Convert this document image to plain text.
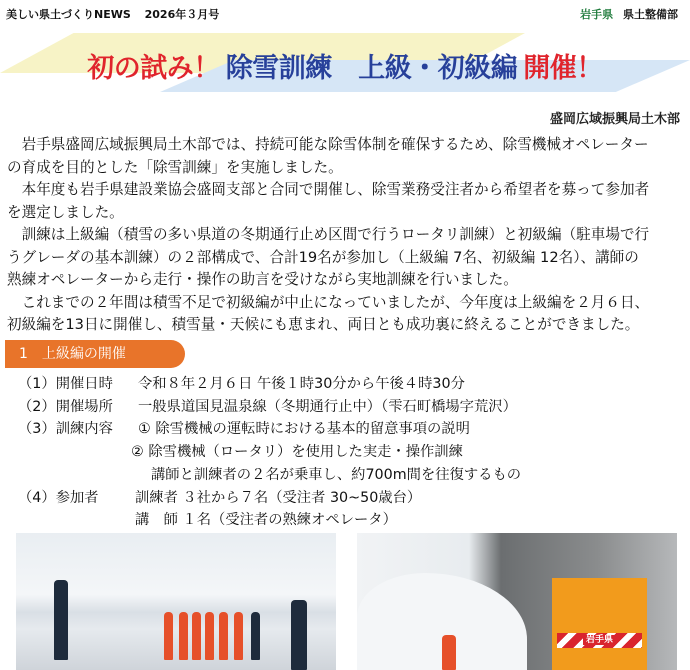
美しい県土づくりNEWS 2026年３月号	岩手県 県土整備部
初の試み！ 除雪訓練　上級・初級編 開催！
盛岡広域振興局土木部
　岩手県盛岡広域振興局土木部では、持続可能な除雪体制を確保するため、除雪機械オペレーター
の育成を目的とした「除雪訓練」を実施しました。
　本年度も岩手県建設業協会盛岡支部と合同で開催し、除雪業務受注者から希望者を募って参加者
を選定しました。
　訓練は上級編（積雪の多い県道の冬期通行止め区間で行うロータリ訓練）と初級編（駐車場で行
うグレーダの基本訓練）の２部構成で、合計19名が参加し（上級編 7名、初級編 12名）、講師の
熟練オペレーターから走行・操作の助言を受けながら実地訓練を行いました。
　これまでの２年間は積雪不足で初級編が中止になっていましたが、今年度は上級編を２月６日、
初級編を13日に開催し、積雪量・天候にも恵まれ、両日とも成功裏に終えることができました。
1　上級編の開催
（1）開催日時	令和８年２月６日 午後１時30分から午後４時30分
（2）開催場所	一般県道国見温泉線（冬期通行止中）（雫石町橋場字荒沢）
（3）訓練内容	① 除雪機械の運転時における基本的留意事項の説明
② 除雪機械（ロータリ）を使用した実走・操作訓練
講師と訓練者の２名が乗車し、約700m間を往復するもの
（4）参加者	訓練者 ３社から７名（受注者 30~50歳台）
講　師 １名（受注者の熟練オペレータ）
岩手県
